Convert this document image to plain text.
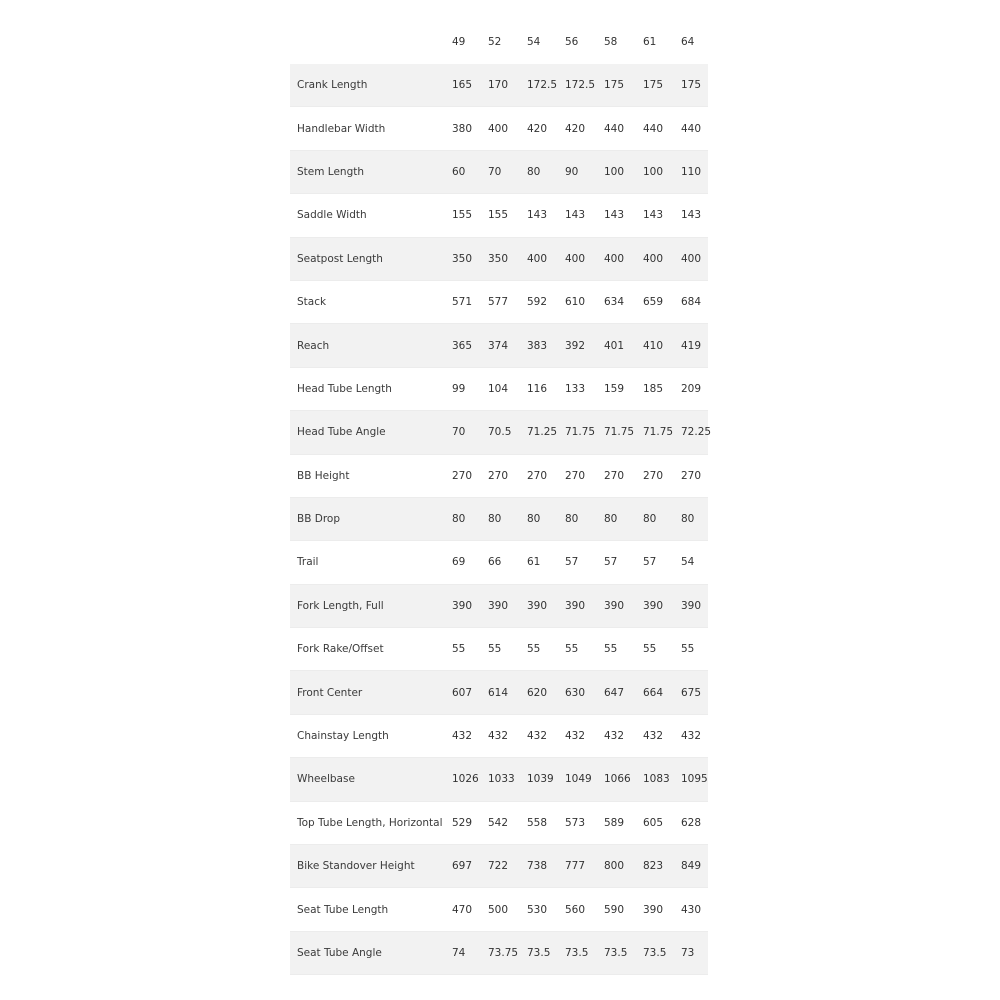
49 52 54 56 58 61 64
Crank Length	165 170 172.5 172.5 175 175 175
Handlebar Width	380 400 420 420 440 440 440
Stem Length	60 70 80 90 100 100 110
Saddle Width	155 155 143 143 143 143 143
Seatpost Length	350 350 400 400 400 400 400
Stack	571 577 592 610 634 659 684
Reach	365 374 383 392 401 410 419
Head Tube Length	99 104 116 133 159 185 209
Head Tube Angle	70 70.5 71.25 71.75 71.75 71.75 72.25
BB Height	270 270 270 270 270 270 270
BB Drop	80 80 80 80 80 80 80
Trail	69 66 61 57 57 57 54
Fork Length, Full	390 390 390 390 390 390 390
Fork Rake/Offset	55 55 55 55 55 55 55
Front Center	607 614 620 630 647 664 675
Chainstay Length	432 432 432 432 432 432 432
Wheelbase	1026 1033 1039 1049 1066 1083 1095
Top Tube Length, Horizontal 529 542 558 573 589 605 628
Bike Standover Height	697 722 738 777 800 823 849
Seat Tube Length	470 500 530 560 590 390 430
Seat Tube Angle	74 73.75 73.5 73.5 73.5 73.5 73
